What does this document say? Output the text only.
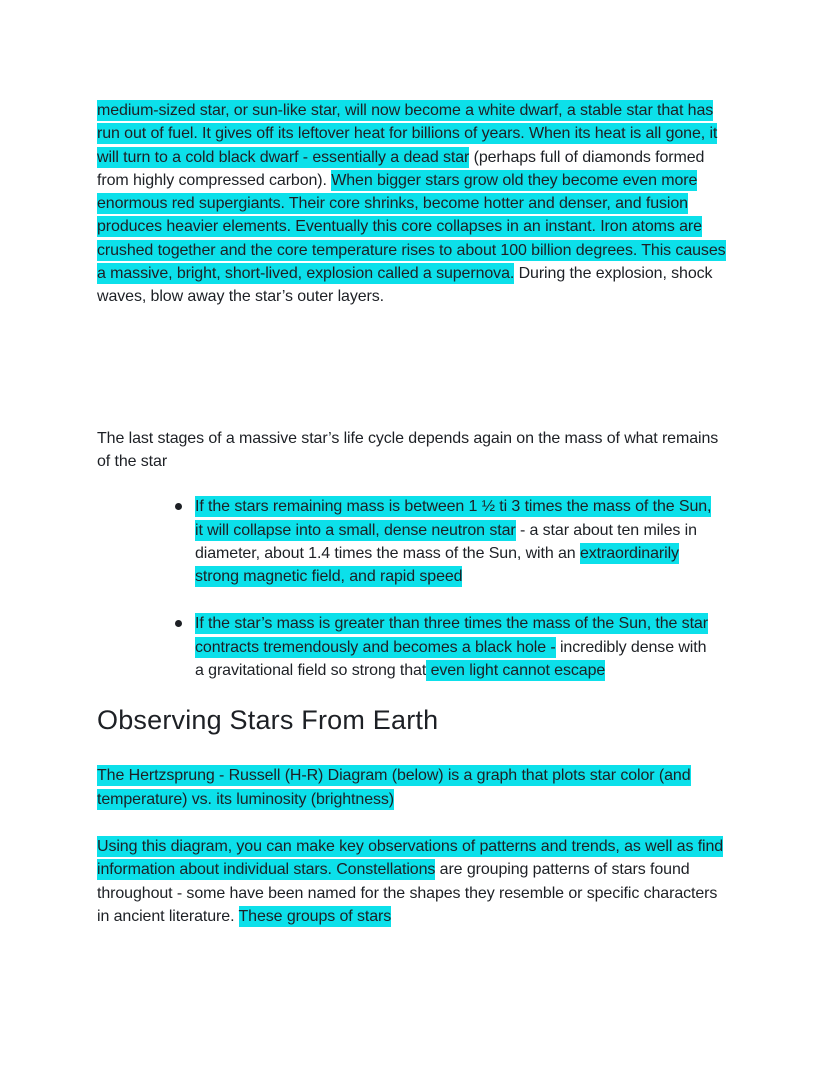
medium-sized star, or sun-like star, will now become a white dwarf, a stable star that has run out of fuel. It gives off its leftover heat for billions of years. When its heat is all gone, it will turn to a cold black dwarf - essentially a dead star (perhaps full of diamonds formed from highly compressed carbon). When bigger stars grow old they become even more enormous red supergiants. Their core shrinks, become hotter and denser, and fusion produces heavier elements. Eventually this core collapses in an instant. Iron atoms are crushed together and the core temperature rises to about 100 billion degrees. This causes a massive, bright, short-lived, explosion called a supernova. During the explosion, shock waves, blow away the star’s outer layers.

The last stages of a massive star’s life cycle depends again on the mass of what remains of the star

If the stars remaining mass is between 1 ½ ti 3 times the mass of the Sun, it will collapse into a small, dense neutron star - a star about ten miles in diameter, about 1.4 times the mass of the Sun, with an extraordinarily strong magnetic field, and rapid speed
If the star’s mass is greater than three times the mass of the Sun, the star contracts tremendously and becomes a black hole - incredibly dense with a gravitational field so strong that even light cannot escape
Observing Stars From Earth

The Hertzsprung - Russell (H-R) Diagram (below) is a graph that plots star color (and temperature) vs. its luminosity (brightness)

Using this diagram, you can make key observations of patterns and trends, as well as find information about individual stars. Constellations are grouping patterns of stars found throughout - some have been named for the shapes they resemble or specific characters in ancient literature. These groups of stars
